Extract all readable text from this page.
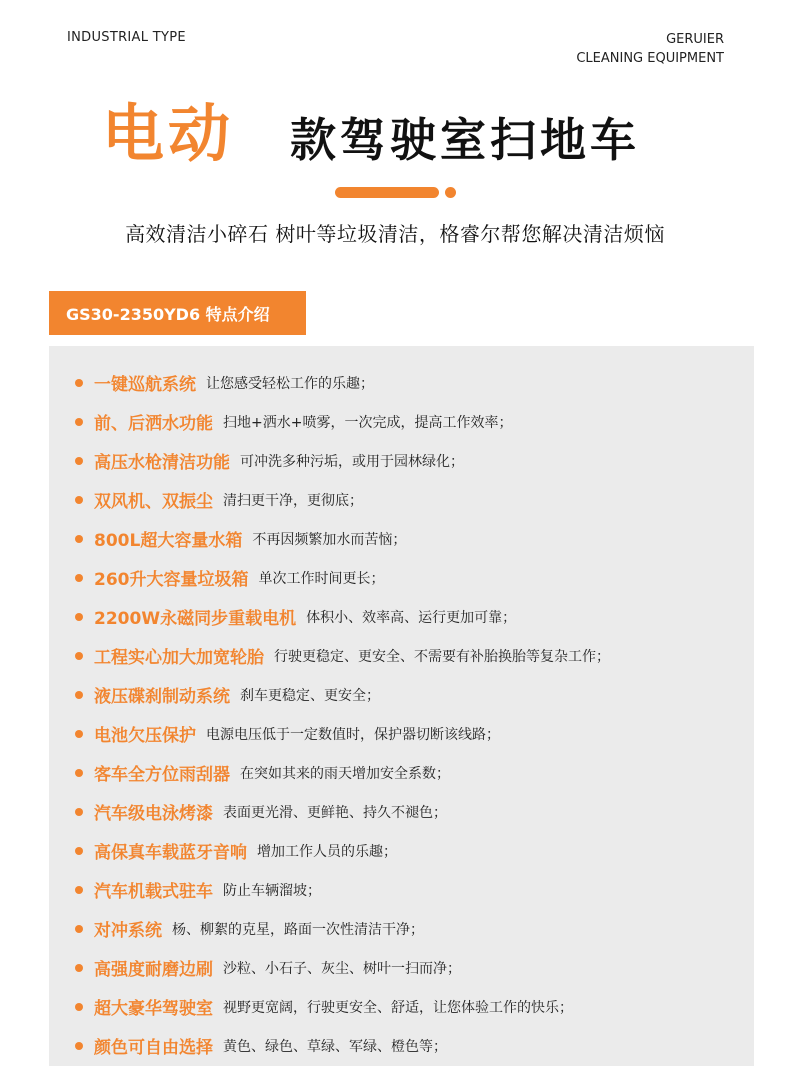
INDUSTRIAL TYPE	GERUIER
CLEANING EQUIPMENT
电动 款驾驶室扫地车
高效清洁小碎石 树叶等垃圾清洁，格睿尔帮您解决清洁烦恼
GS30-2350YD6 特点介绍
一键巡航系统 让您感受轻松工作的乐趣；
前、后洒水功能 扫地+洒水+喷雾，一次完成，提高工作效率；
高压水枪清洁功能 可冲洗多种污垢，或用于园林绿化；
双风机、双振尘 清扫更干净，更彻底；
800L超大容量水箱 不再因频繁加水而苦恼；
260升大容量垃圾箱 单次工作时间更长；
2200W永磁同步重载电机 体积小、效率高、运行更加可靠；
工程实心加大加宽轮胎 行驶更稳定、更安全、不需要有补胎换胎等复杂工作；
液压碟刹制动系统 刹车更稳定、更安全；
电池欠压保护 电源电压低于一定数值时，保护器切断该线路；
客车全方位雨刮器 在突如其来的雨天增加安全系数；
汽车级电泳烤漆 表面更光滑、更鲜艳、持久不褪色；
高保真车载蓝牙音响 增加工作人员的乐趣；
汽车机载式驻车 防止车辆溜坡；
对冲系统 杨、柳絮的克星，路面一次性清洁干净；
高强度耐磨边刷 沙粒、小石子、灰尘、树叶一扫而净；
超大豪华驾驶室 视野更宽阔，行驶更安全、舒适，让您体验工作的快乐；
颜色可自由选择 黄色、绿色、草绿、军绿、橙色等；
